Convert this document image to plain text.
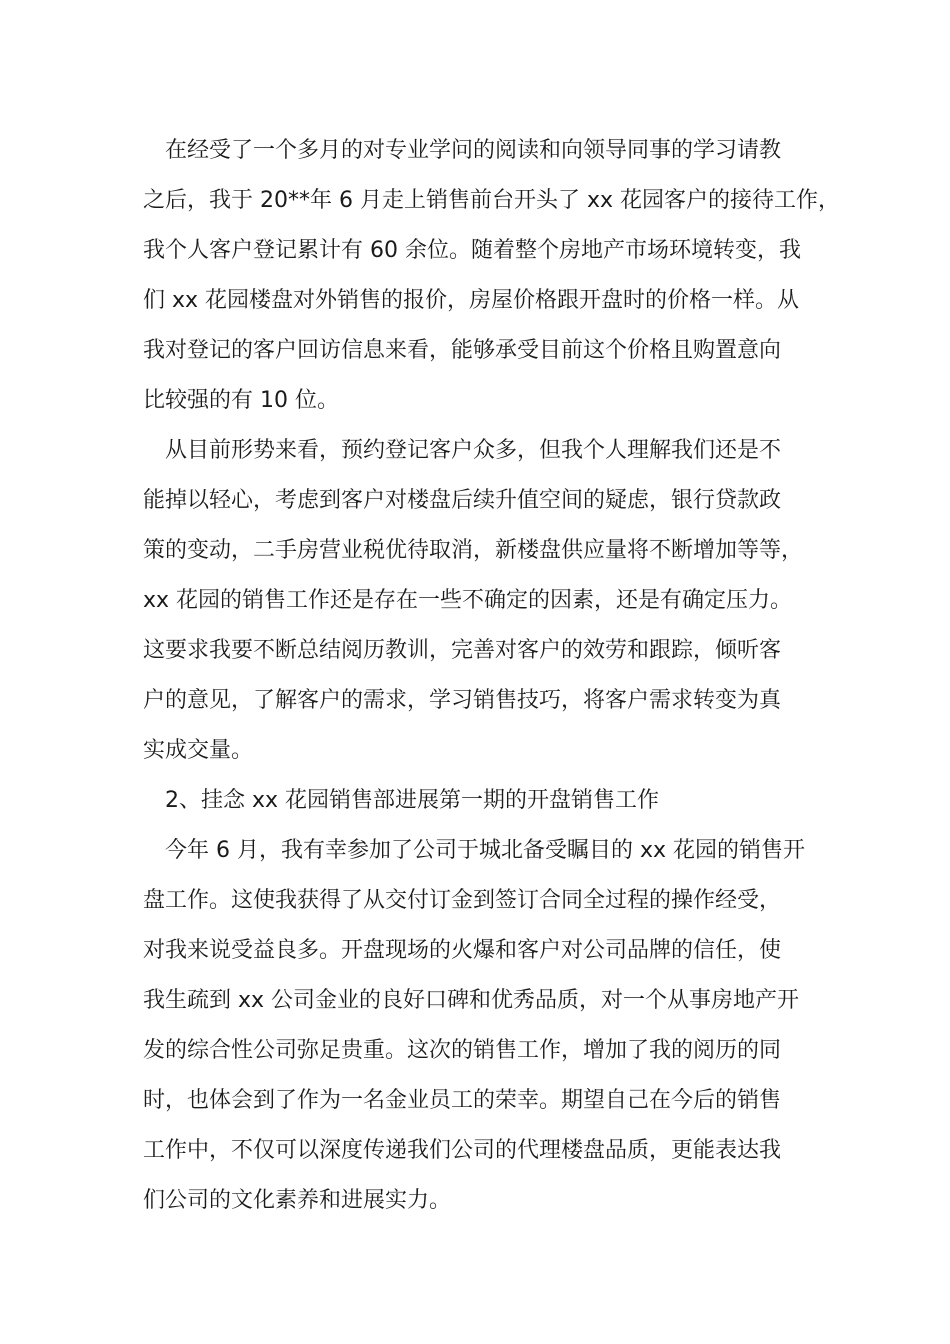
在经受了一个多月的对专业学问的阅读和向领导同事的学习请教
之后，我于 20**年 6 月走上销售前台开头了 xx 花园客户的接待工作，
我个人客户登记累计有 60 余位。随着整个房地产市场环境转变，我
们 xx 花园楼盘对外销售的报价，房屋价格跟开盘时的价格一样。从
我对登记的客户回访信息来看，能够承受目前这个价格且购置意向
比较强的有 10 位。
从目前形势来看，预约登记客户众多，但我个人理解我们还是不
能掉以轻心，考虑到客户对楼盘后续升值空间的疑虑，银行贷款政
策的变动，二手房营业税优待取消，新楼盘供应量将不断增加等等，
xx 花园的销售工作还是存在一些不确定的因素，还是有确定压力。
这要求我要不断总结阅历教训，完善对客户的效劳和跟踪，倾听客
户的意见，了解客户的需求，学习销售技巧，将客户需求转变为真
实成交量。
2、挂念 xx 花园销售部进展第一期的开盘销售工作
今年 6 月，我有幸参加了公司于城北备受瞩目的 xx 花园的销售开
盘工作。这使我获得了从交付订金到签订合同全过程的操作经受，
对我来说受益良多。开盘现场的火爆和客户对公司品牌的信任，使
我生疏到 xx 公司金业的良好口碑和优秀品质，对一个从事房地产开
发的综合性公司弥足贵重。这次的销售工作，增加了我的阅历的同
时，也体会到了作为一名金业员工的荣幸。期望自己在今后的销售
工作中，不仅可以深度传递我们公司的代理楼盘品质，更能表达我
们公司的文化素养和进展实力。
